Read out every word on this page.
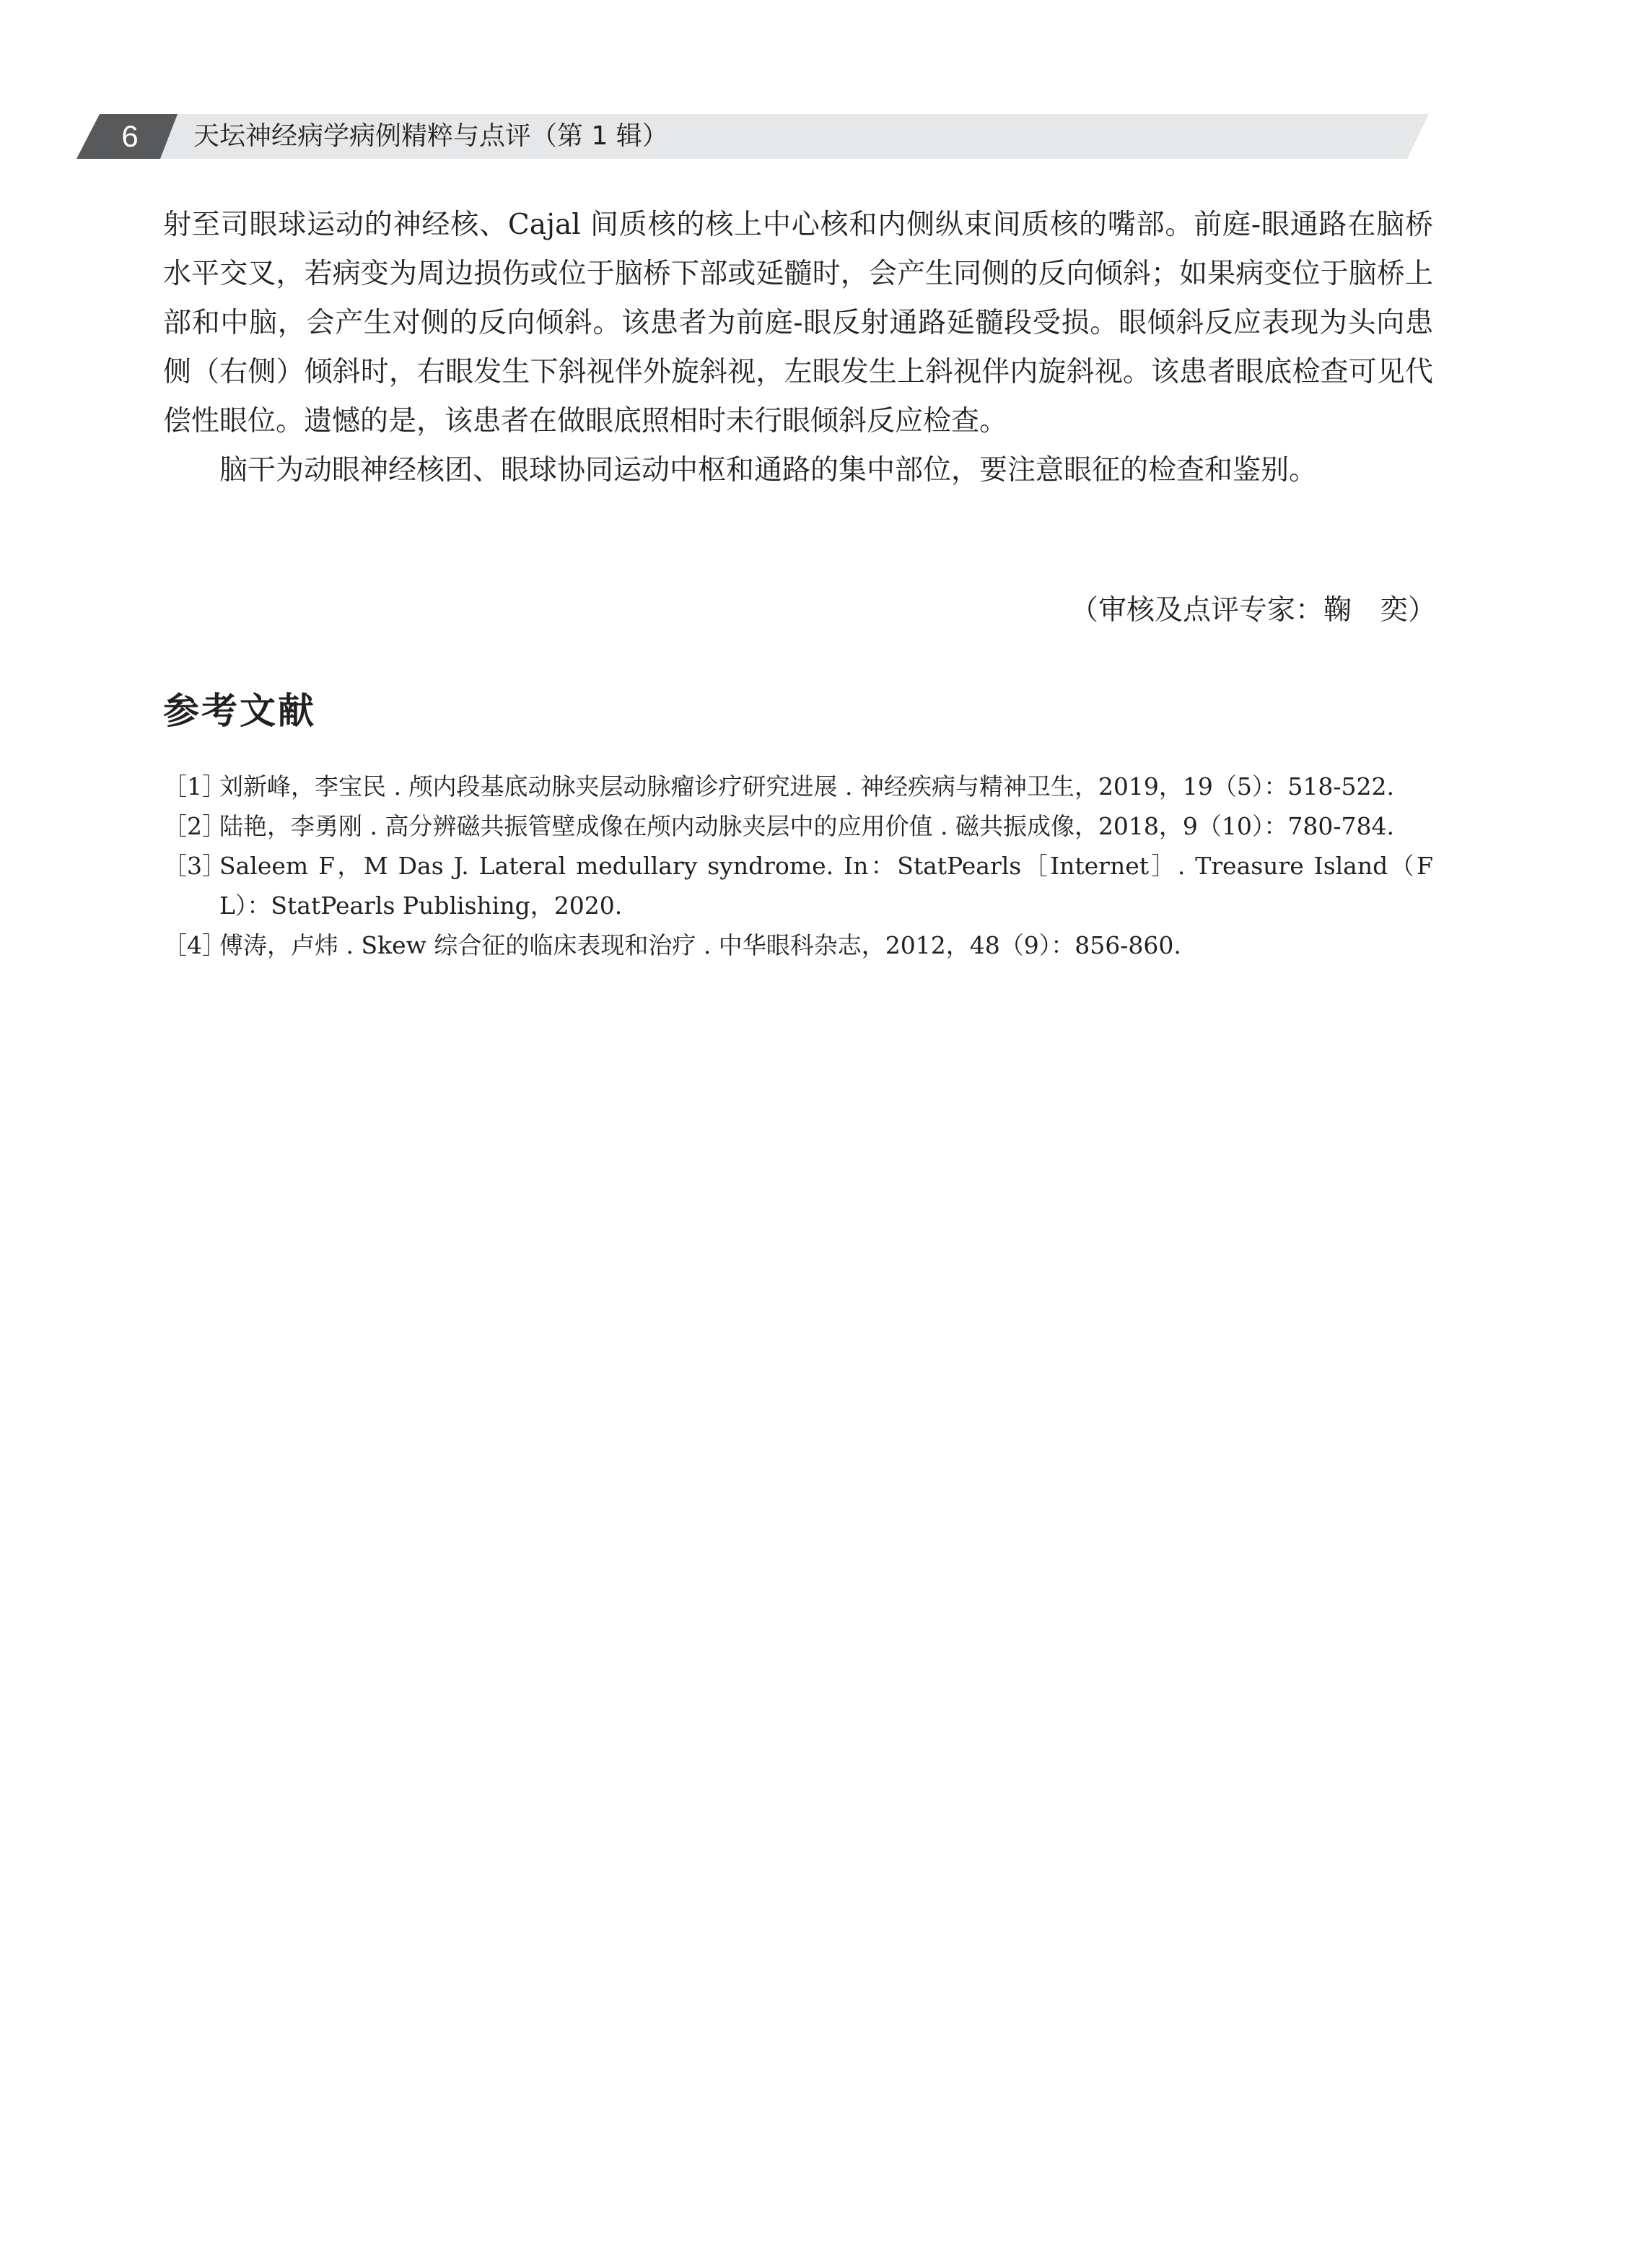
6	天坛神经病学病例精粹与点评（第 1 辑）

射至司眼球运动的神经核、Cajal 间质核的核上中心核和内侧纵束间质核的嘴部。前庭-眼通路在脑桥水平交叉，若病变为周边损伤或位于脑桥下部或延髓时，会产生同侧的反向倾斜；如果病变位于脑桥上部和中脑，会产生对侧的反向倾斜。该患者为前庭-眼反射通路延髓段受损。眼倾斜反应表现为头向患侧（右侧）倾斜时，右眼发生下斜视伴外旋斜视，左眼发生上斜视伴内旋斜视。该患者眼底检查可见代偿性眼位。遗憾的是，该患者在做眼底照相时未行眼倾斜反应检查。

脑干为动眼神经核团、眼球协同运动中枢和通路的集中部位，要注意眼征的检查和鉴别。

（审核及点评专家：鞠　奕）
参考文献
［1］
刘新峰，李宝民 . 颅内段基底动脉夹层动脉瘤诊疗研究进展 . 神经疾病与精神卫生，2019，19（5）：518-522.
［2］
陆艳，李勇刚 . 高分辨磁共振管壁成像在颅内动脉夹层中的应用价值 . 磁共振成像，2018，9（10）：780-784.
［3］
Saleem F，M Das J. Lateral medullary syndrome. In：StatPearls［Internet］. Treasure Island（FL）：StatPearls Publishing，2020.
［4］
傅涛，卢炜 . Skew 综合征的临床表现和治疗 . 中华眼科杂志，2012，48（9）：856-860.
